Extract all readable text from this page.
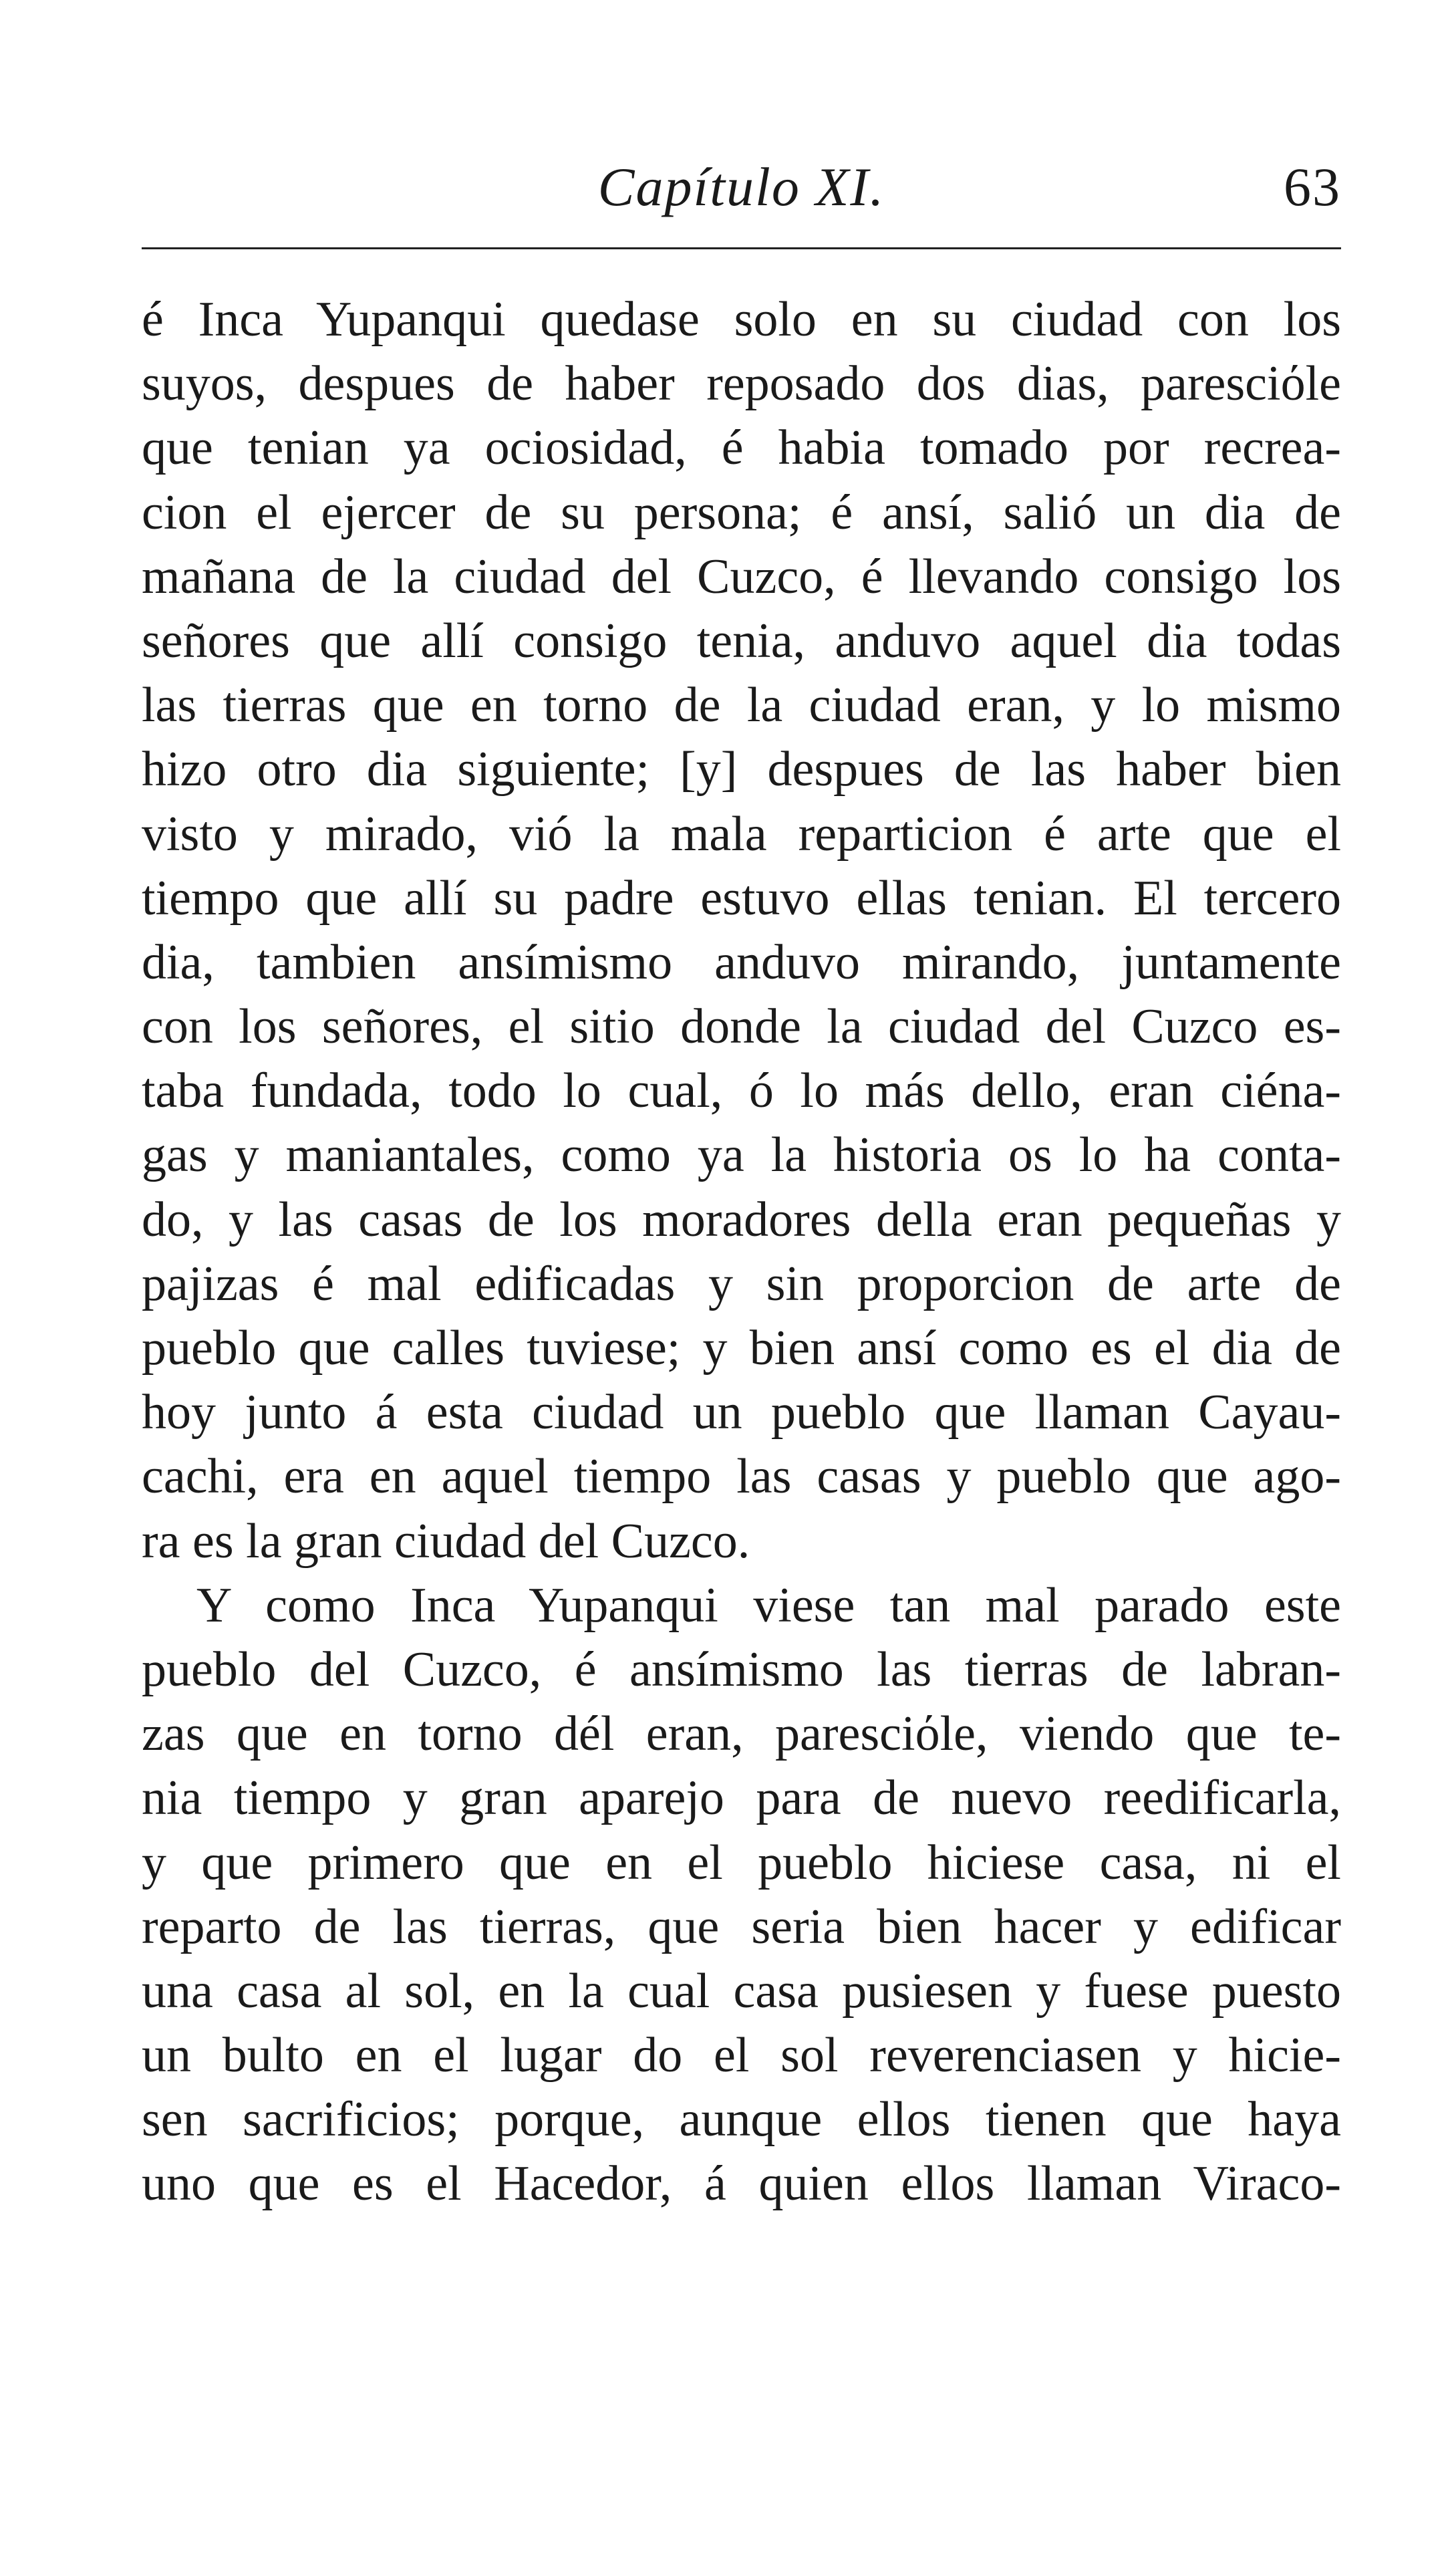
Capítulo XI.	63
é Inca Yupanqui quedase solo en su ciudad con los
suyos, despues de haber reposado dos dias, paresciόle
que tenian ya ociosidad, é habia tomado por recrea-
cion el ejercer de su persona; é ansí, salió un dia de
mañana de la ciudad del Cuzco, é llevando consigo los
señores que allí consigo tenia, anduvo aquel dia todas
las tierras que en torno de la ciudad eran, y lo mismo
hizo otro dia siguiente; [y] despues de las haber bien
visto y mirado, vió la mala reparticion é arte que el
tiempo que allí su padre estuvo ellas tenian. El tercero
dia, tambien ansímismo anduvo mirando, juntamente
con los señores, el sitio donde la ciudad del Cuzco es-
taba fundada, todo lo cual, ó lo más dello, eran ciéna-
gas y maniantales, como ya la historia os lo ha conta-
do, y las casas de los moradores della eran pequeñas y
pajizas é mal edificadas y sin proporcion de arte de
pueblo que calles tuviese; y bien ansí como es el dia de
hoy junto á esta ciudad un pueblo que llaman Cayau-
cachi, era en aquel tiempo las casas y pueblo que ago-
ra es la gran ciudad del Cuzco.
Y como Inca Yupanqui viese tan mal parado este
pueblo del Cuzco, é ansímismo las tierras de labran-
zas que en torno dél eran, paresciόle, viendo que te-
nia tiempo y gran aparejo para de nuevo reedificarla,
y que primero que en el pueblo hiciese casa, ni el
reparto de las tierras, que seria bien hacer y edificar
una casa al sol, en la cual casa pusiesen y fuese puesto
un bulto en el lugar do el sol reverenciasen y hicie-
sen sacrificios; porque, aunque ellos tienen que haya
uno que es el Hacedor, á quien ellos llaman Viraco-
